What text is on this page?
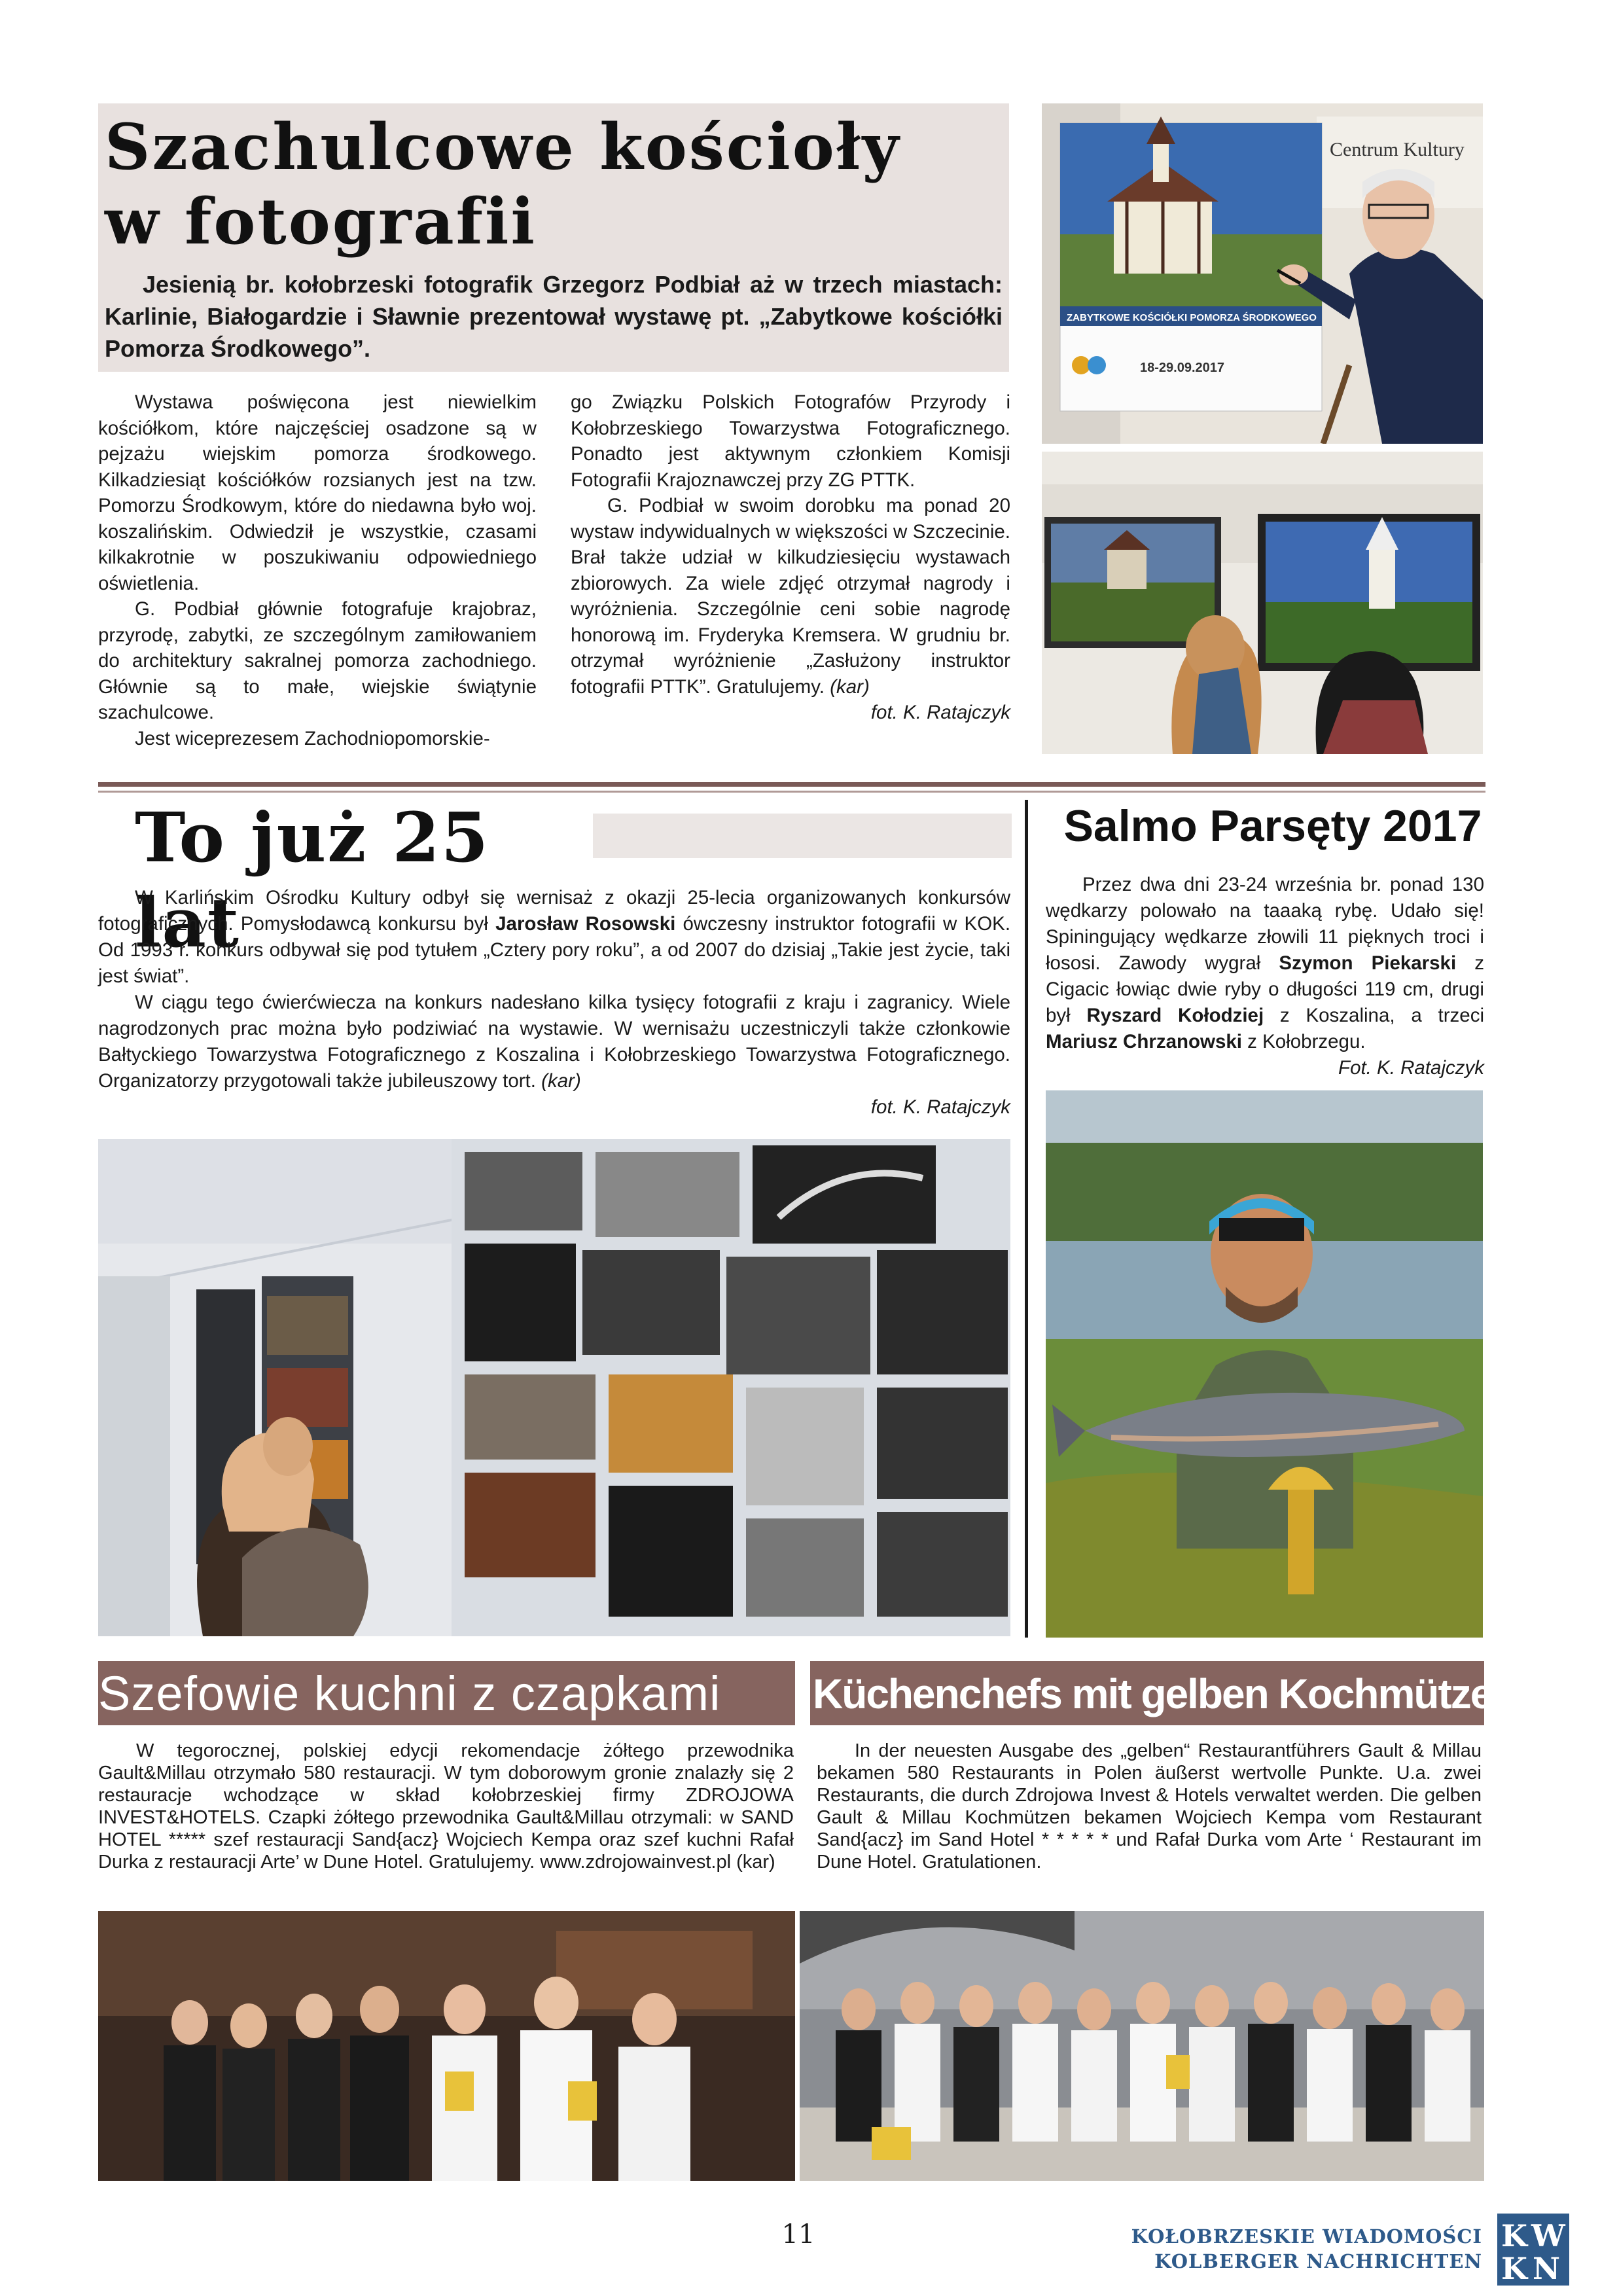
Szachulcowe kościoły
w fotografii
Jesienią br. kołobrzeski fotografik Grzegorz Podbiał aż w trzech miastach: Karlinie, Białogardzie i Sławnie prezentował wystawę pt. „Zabytkowe kościółki Pomorza Środkowego”.

Wystawa poświęcona jest niewielkim kościółkom, które najczęściej osadzone są w pejzażu wiejskim pomorza środkowego. Kilkadziesiąt kościółków rozsianych jest na tzw. Pomorzu Środkowym, które do niedawna było woj. koszalińskim. Odwiedził je wszystkie, czasami kilkakrotnie w poszukiwaniu odpowiedniego oświetlenia.

G. Podbiał głównie fotografuje krajobraz, przyrodę, zabytki, ze szczególnym zamiłowaniem do architektury sakralnej pomorza zachodniego. Głównie są to małe, wiejskie świątynie szachulcowe.

Jest wiceprezesem Zachodniopomorskie-

go Związku Polskich Fotografów Przyrody i Kołobrzeskiego Towarzystwa Fotograficznego. Ponadto jest aktywnym członkiem Komisji Fotografii Krajoznawczej przy ZG PTTK.

G. Podbiał w swoim dorobku ma ponad 20 wystaw indywidualnych w większości w Szczecinie. Brał także udział w kilkudziesięciu wystawach zbiorowych. Za wiele zdjęć otrzymał nagrody i wyróżnienia. Szczególnie ceni sobie nagrodę honorową im. Fryderyka Kremsera. W grudniu br. otrzymał wyróżnienie „Zasłużony instruktor fotografii PTTK”. Gratulujemy. (kar)

fot. K. Ratajczyk

Centrum Kultury
ZABYTKOWE KOŚCIÓŁKI POMORZA ŚRODKOWEGO
18-29.09.2017
To już 25 lat

W Karlińskim Ośrodku Kultury odbył się wernisaż z okazji 25-lecia organizowanych konkursów fotograficznych. Pomysłodawcą konkursu był Jarosław Rosowski ówczesny instruktor fotografii w KOK. Od 1993 r. konkurs odbywał się pod tytułem „Cztery pory roku”, a od 2007 do dzisiaj „Takie jest życie, taki jest świat”.

W ciągu tego ćwierćwiecza na konkurs nadesłano kilka tysięcy fotografii z kraju i zagranicy. Wiele nagrodzonych prac można było podziwiać na wystawie. W wernisażu uczestniczyli także członkowie Bałtyckiego Towarzystwa Fotograficznego z Koszalina i Kołobrzeskiego Towarzystwa Fotograficznego. Organizatorzy przygotowali także jubileuszowy tort. (kar)

fot. K. Ratajczyk

Salmo Parsęty 2017

Przez dwa dni 23-24 września br. ponad 130 wędkarzy polowało na taaaką rybę. Udało się! Spiningujący wędkarze złowili 11 pięknych troci i łososi. Zawody wygrał Szymon Piekarski z Cigacic łowiąc dwie ryby o długości 119 cm, drugi był Ryszard Kołodziej z Koszalina, a trzeci Mariusz Chrzanowski z Kołobrzegu.

Fot. K. Ratajczyk

Szefowie kuchni z czapkami	Küchenchefs mit gelben Kochmützen
W tegorocznej, polskiej edycji rekomendacje żółtego przewodnika Gault&Millau otrzymało 580 restauracji. W tym doborowym gronie znalazły się 2 restauracje wchodzące w skład kołobrzeskiej firmy ZDROJOWA INVEST&HOTELS. Czapki żółtego przewodnika Gault&Millau otrzymali: w SAND HOTEL ***** szef restauracji Sand{acz} Wojciech Kempa oraz szef kuchni Rafał Durka z restauracji Arte’ w Dune Hotel. Gratulujemy. www.zdrojowainvest.pl (kar)
In der neuesten Ausgabe des „gelben“ Restaurantführers Gault & Millau bekamen 580 Restaurants in Polen äußerst wertvolle Punkte. U.a. zwei Restaurants, die durch Zdrojowa Invest & Hotels verwaltet werden. Die gelben Gault & Millau Kochmützen bekamen Wojciech Kempa vom Restaurant Sand{acz} im Sand Hotel * * * * * und Rafał Durka vom Arte ‘ Restaurant im Dune Hotel. Gratulationen.
11	KOŁOBRZESKIE WIADOMOŚCI
KOLBERGER NACHRICHTEN
K W
K N
